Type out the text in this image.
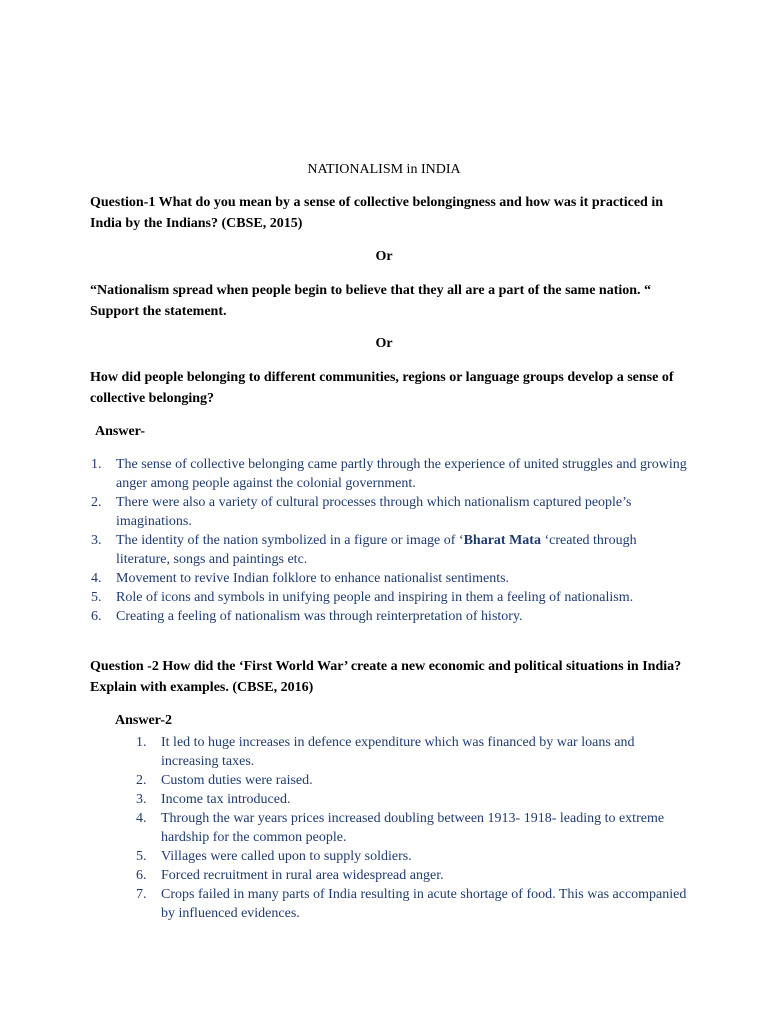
NATIONALISM in INDIA
Question-1 What do you mean by a sense of collective belongingness and how was it practiced in India by the Indians? (CBSE, 2015)
Or
“Nationalism spread when people begin to believe that they all are a part of the same nation. “ Support the statement.
Or
How did people belonging to different communities, regions or language groups develop a sense of collective belonging?
Answer-
1.	The sense of collective belonging came partly through the experience of united struggles and growing anger among people against the colonial government.
2.	There were also a variety of cultural processes through which nationalism captured people’s imaginations.
3.	The identity of the nation symbolized in a figure or image of ‘Bharat Mata ‘created through literature, songs and paintings etc.
4.	Movement to revive Indian folklore to enhance nationalist sentiments.
5.	Role of icons and symbols in unifying people and inspiring in them a feeling of nationalism.
6.	Creating a feeling of nationalism was through reinterpretation of history.
Question -2 How did the ‘First World War’ create a new economic and political situations in India? Explain with examples. (CBSE, 2016)
Answer-2
1.	It led to huge increases in defence expenditure which was financed by war loans and increasing taxes.
2.	Custom duties were raised.
3.	Income tax introduced.
4.	Through the war years prices increased doubling between 1913- 1918- leading to extreme hardship for the common people.
5.	Villages were called upon to supply soldiers.
6.	Forced recruitment in rural area widespread anger.
7.	Crops failed in many parts of India resulting in acute shortage of food. This was accompanied by influenced evidences.
